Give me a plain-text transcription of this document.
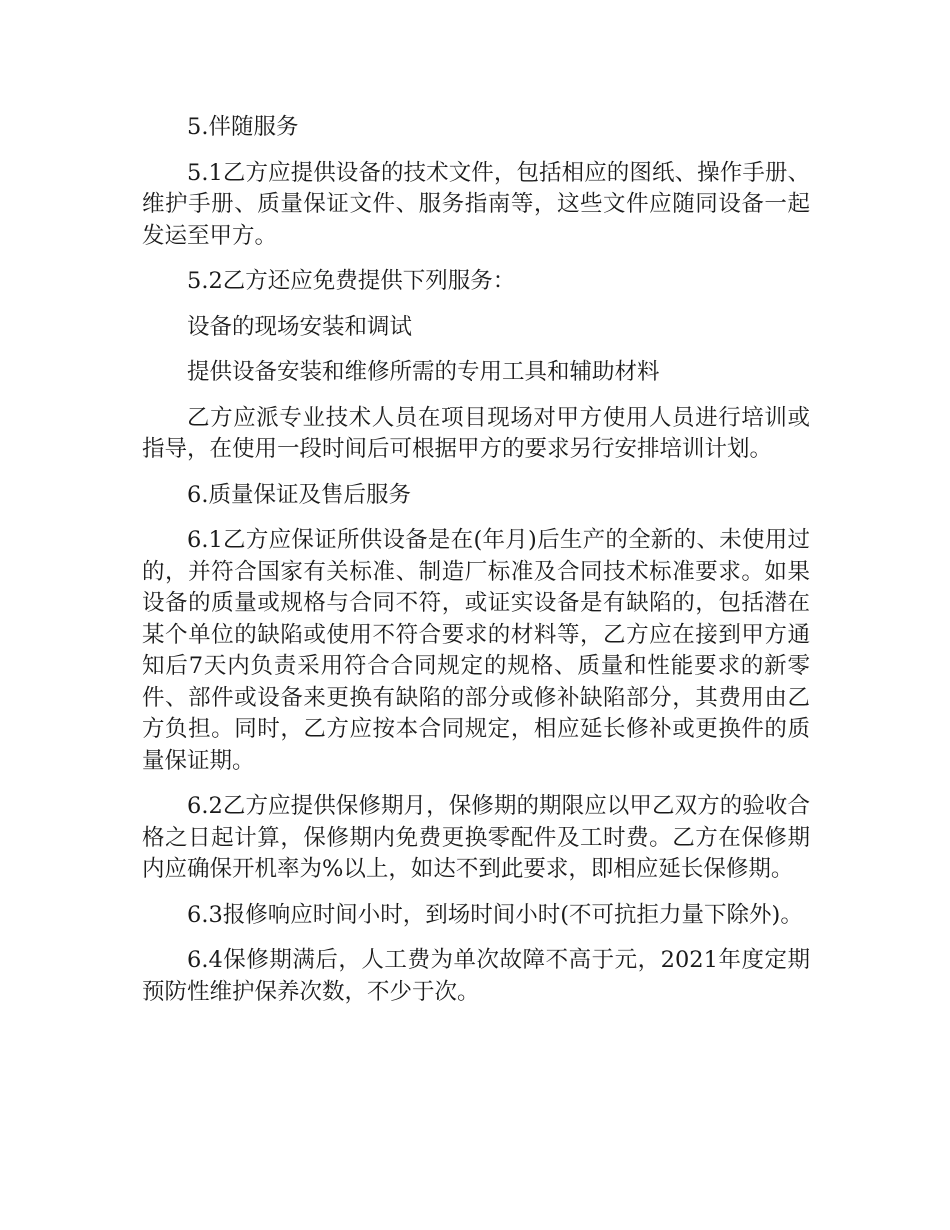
5.伴随服务

5.1乙方应提供设备的技术文件，包括相应的图纸、操作手册、维护手册、质量保证文件、服务指南等，这些文件应随同设备一起发运至甲方。

5.2乙方还应免费提供下列服务：

设备的现场安装和调试

提供设备安装和维修所需的专用工具和辅助材料

乙方应派专业技术人员在项目现场对甲方使用人员进行培训或指导，在使用一段时间后可根据甲方的要求另行安排培训计划。

6.质量保证及售后服务

6.1乙方应保证所供设备是在(年月)后生产的全新的、未使用过的，并符合国家有关标准、制造厂标准及合同技术标准要求。如果设备的质量或规格与合同不符，或证实设备是有缺陷的，包括潜在某个单位的缺陷或使用不符合要求的材料等，乙方应在接到甲方通知后7天内负责采用符合合同规定的规格、质量和性能要求的新零件、部件或设备来更换有缺陷的部分或修补缺陷部分，其费用由乙方负担。同时，乙方应按本合同规定，相应延长修补或更换件的质量保证期。

6.2乙方应提供保修期月，保修期的期限应以甲乙双方的验收合格之日起计算，保修期内免费更换零配件及工时费。乙方在保修期内应确保开机率为%以上，如达不到此要求，即相应延长保修期。

6.3报修响应时间小时，到场时间小时(不可抗拒力量下除外)。

6.4保修期满后，人工费为单次故障不高于元，2021年度定期预防性维护保养次数，不少于次。
